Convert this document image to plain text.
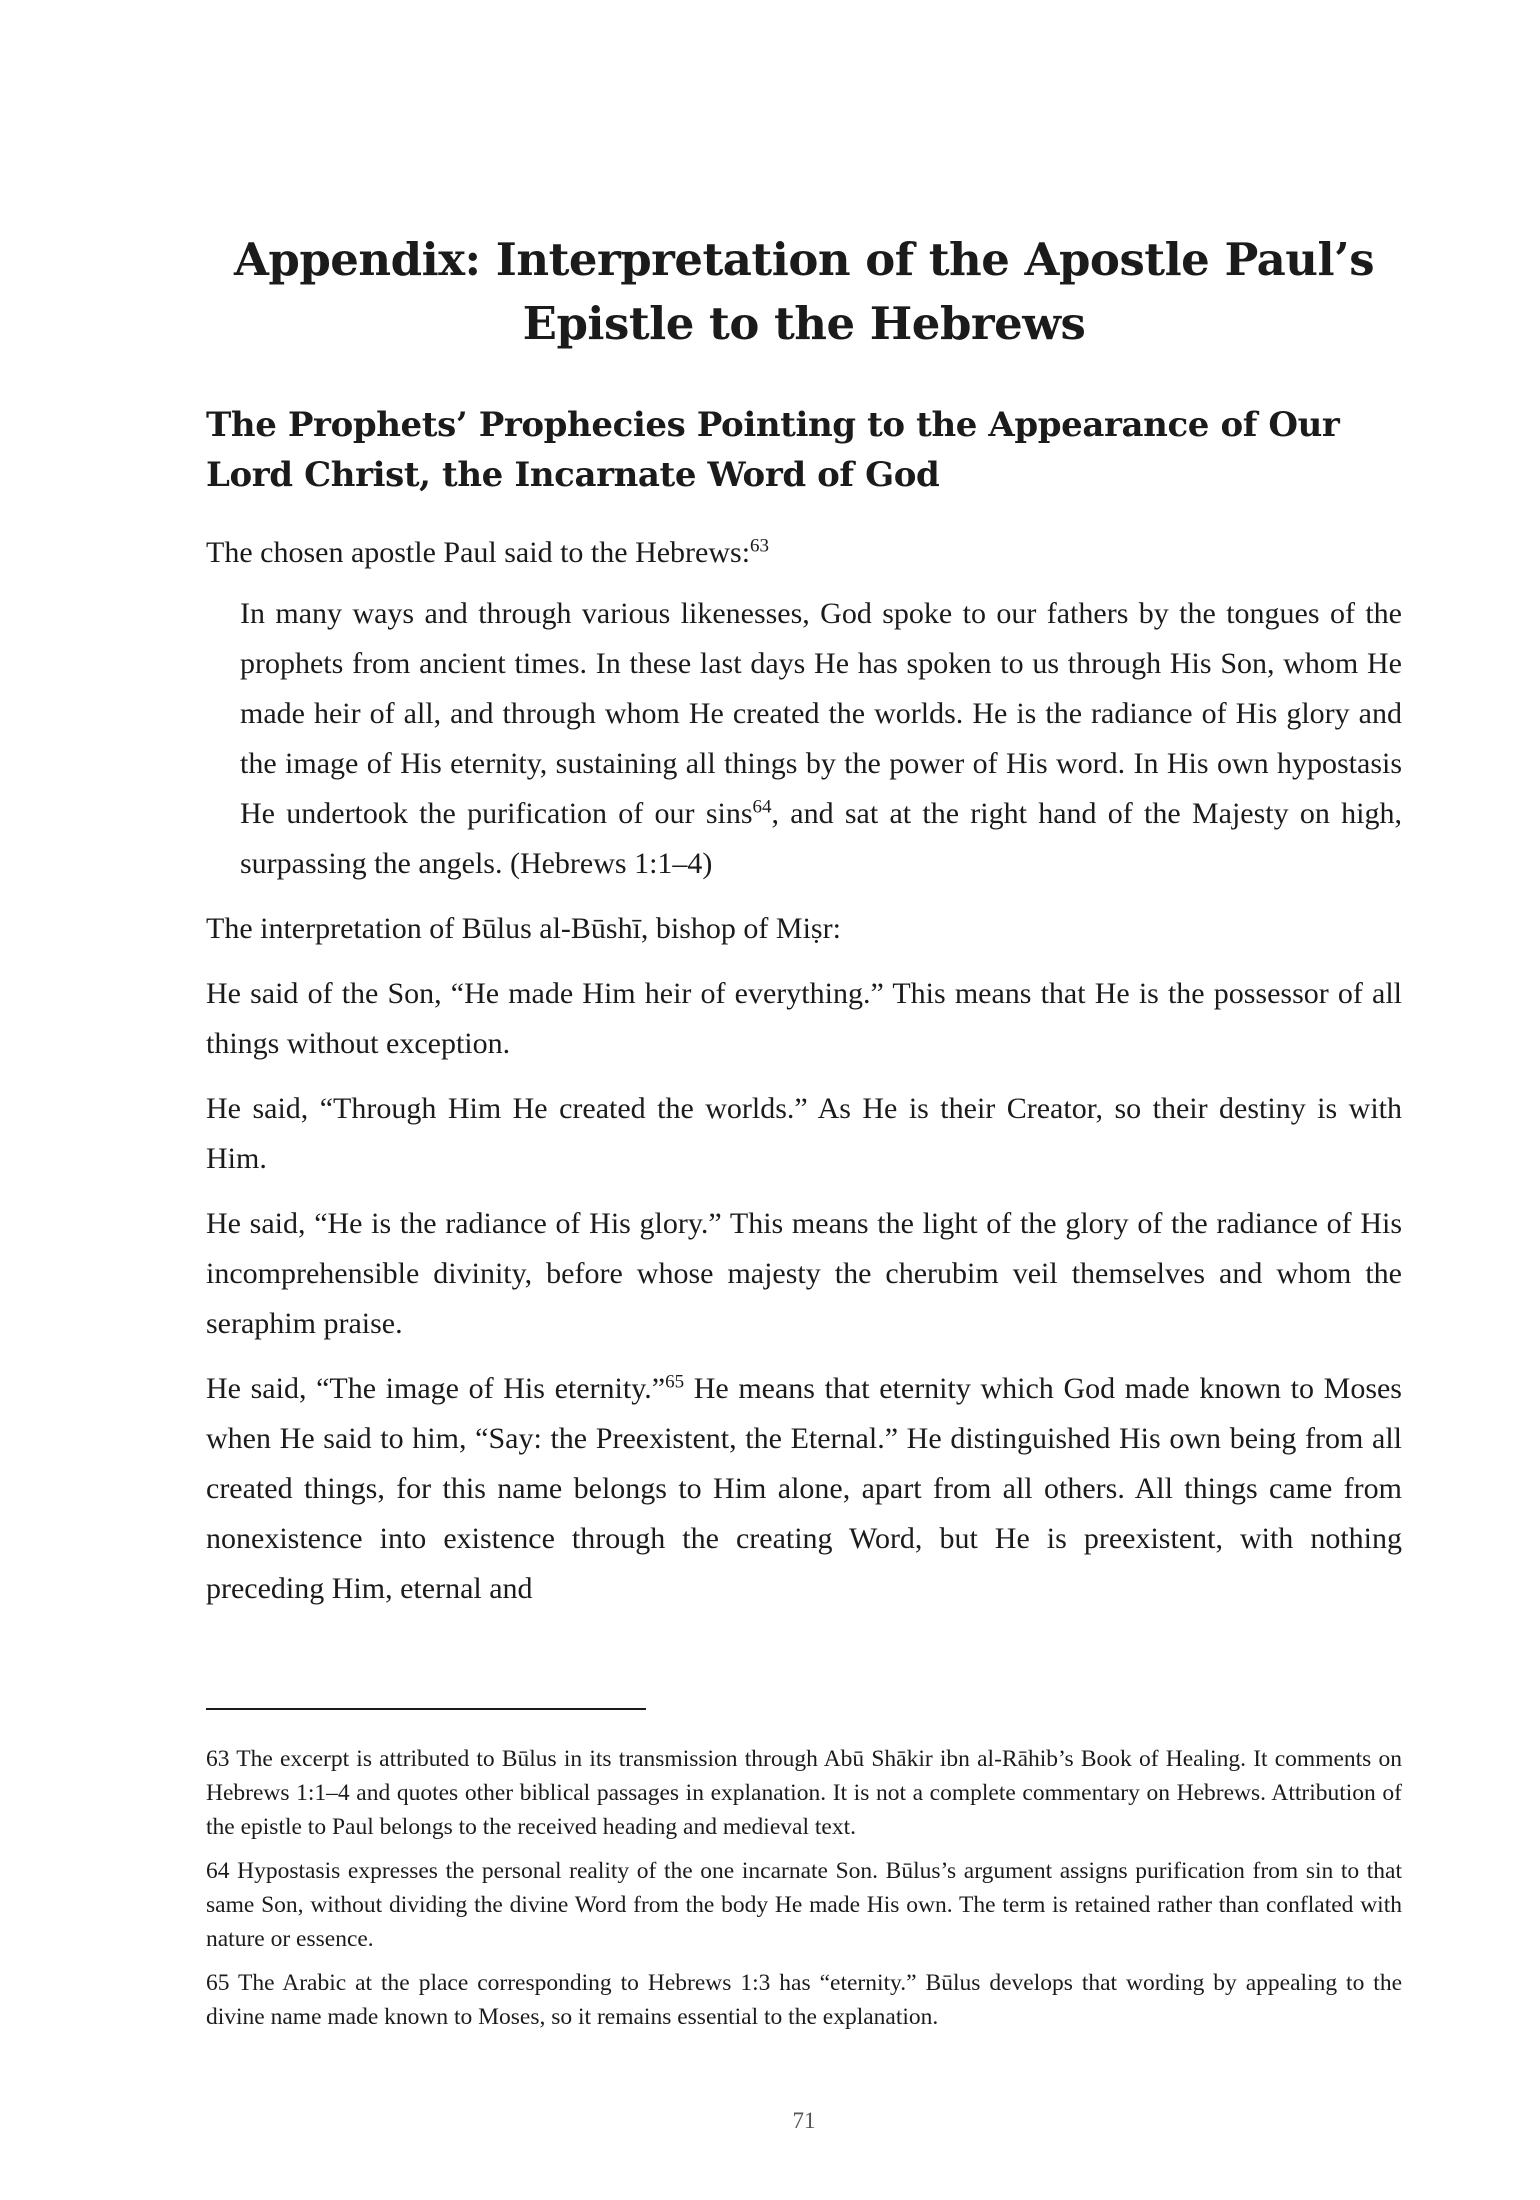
Appendix: Interpretation of the Apostle Paul’s
Epistle to the Hebrews
The Prophets’ Prophecies Pointing to the Appearance of Our
Lord Christ, the Incarnate Word of God

The chosen apostle Paul said to the Hebrews:$^{63}$

In many ways and through various likenesses, God spoke to our fathers by the tongues of the prophets from ancient times. In these last days He has spoken to us through His Son, whom He made heir of all, and through whom He created the worlds. He is the radiance of His glory and the image of His eternity, sustaining all things by the power of His word. In His own hypostasis He undertook the purification of our sins$^{64}$, and sat at the right hand of the Majesty on high, surpassing the angels. (Hebrews 1:1–4)

The interpretation of Būlus al-Būshī, bishop of Miṣr:

He said of the Son, “He made Him heir of everything.” This means that He is the possessor of all things without exception.

He said, “Through Him He created the worlds.” As He is their Creator, so their destiny is with Him.

He said, “He is the radiance of His glory.” This means the light of the glory of the radiance of His incomprehensible divinity, before whose majesty the cherubim veil themselves and whom the seraphim praise.

He said, “The image of His eternity.”$^{65}$ He means that eternity which God made known to Moses when He said to him, “Say: the Preexistent, the Eternal.” He distinguished His own being from all created things, for this name belongs to Him alone, apart from all others. All things came from nonexistence into existence through the creating Word, but He is preexistent, with nothing preceding Him, eternal and

63 The excerpt is attributed to Būlus in its transmission through Abū Shākir ibn al-Rāhib’s Book of Healing. It comments on Hebrews 1:1–4 and quotes other biblical passages in explanation. It is not a complete commentary on Hebrews. Attribution of the epistle to Paul belongs to the received heading and medieval text.

64 Hypostasis expresses the personal reality of the one incarnate Son. Būlus’s argument assigns purification from sin to that same Son, without dividing the divine Word from the body He made His own. The term is retained rather than conflated with nature or essence.

65 The Arabic at the place corresponding to Hebrews 1:3 has “eternity.” Būlus develops that wording by appealing to the divine name made known to Moses, so it remains essential to the explanation.

71
